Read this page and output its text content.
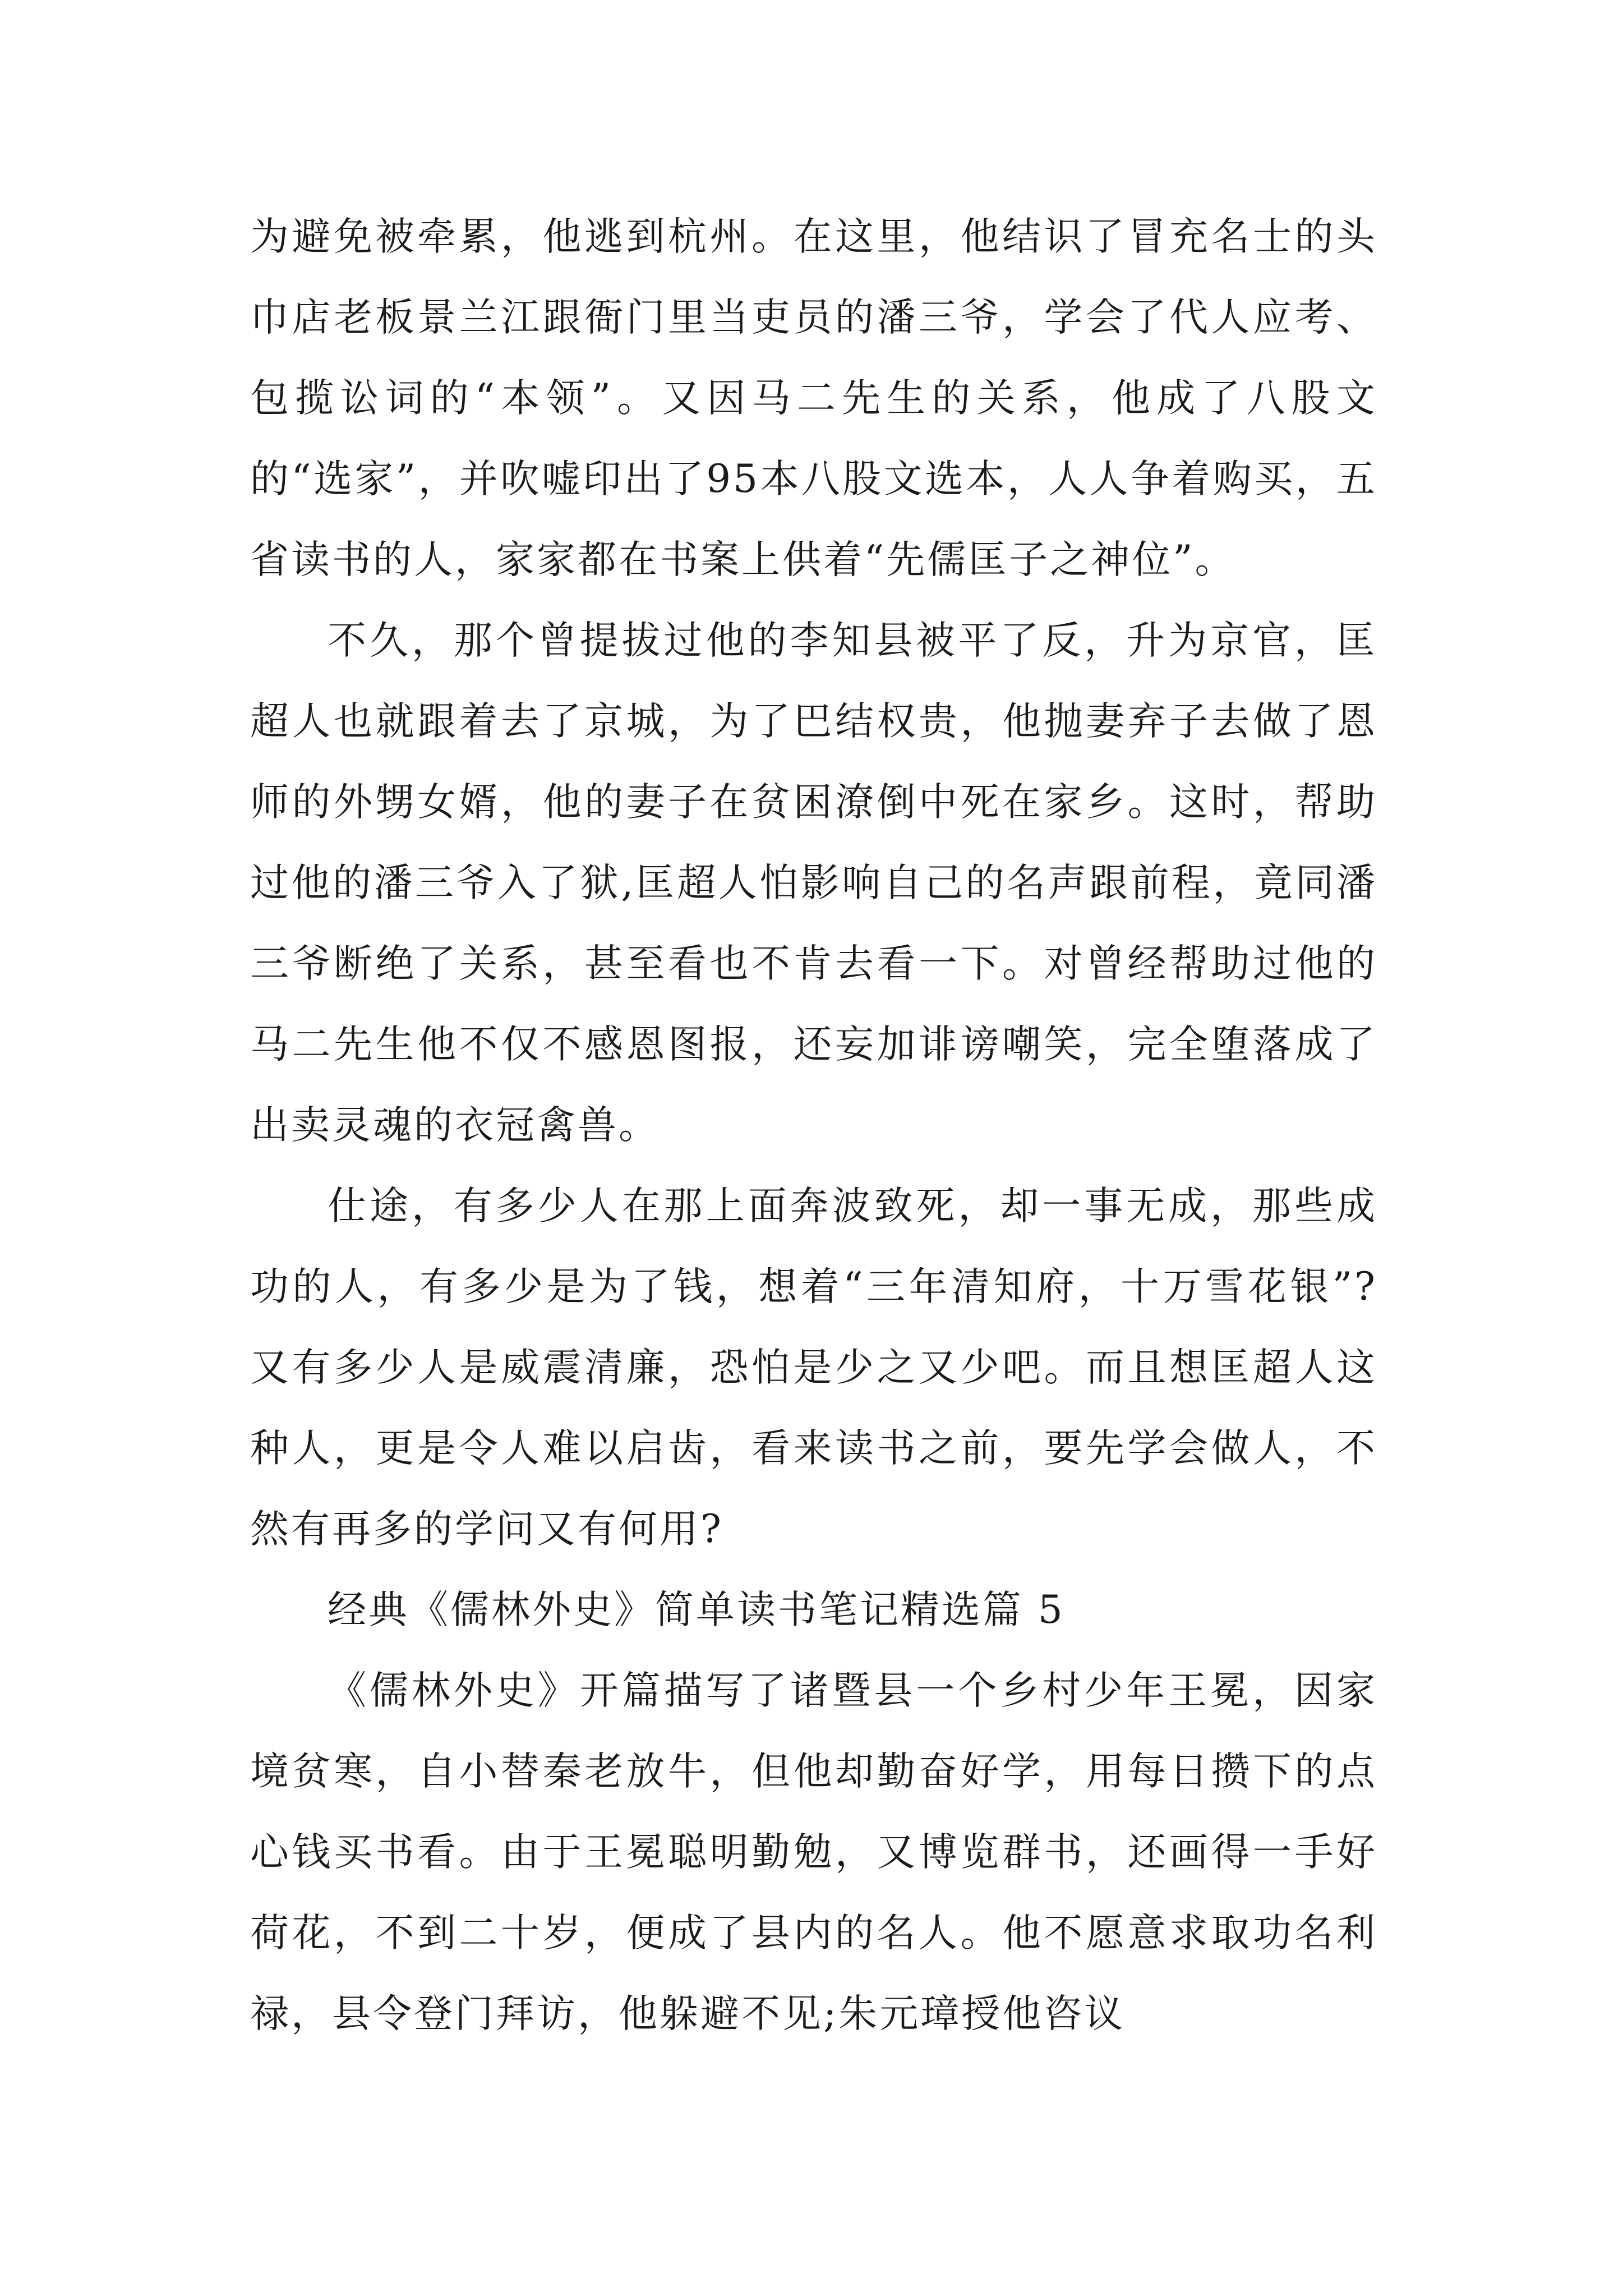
为避免被牵累，他逃到杭州。在这里，他结识了冒充名士的头巾店老板景兰江跟衙门里当吏员的潘三爷，学会了代人应考、包揽讼词的“本领”。又因马二先生的关系，他成了八股文的“选家”，并吹嘘印出了95本八股文选本，人人争着购买，五省读书的人，家家都在书案上供着“先儒匡子之神位”。

不久，那个曾提拔过他的李知县被平了反，升为京官，匡超人也就跟着去了京城，为了巴结权贵，他抛妻弃子去做了恩师的外甥女婿，他的妻子在贫困潦倒中死在家乡。这时，帮助过他的潘三爷入了狱,匡超人怕影响自己的名声跟前程，竟同潘三爷断绝了关系，甚至看也不肯去看一下。对曾经帮助过他的马二先生他不仅不感恩图报，还妄加诽谤嘲笑，完全堕落成了出卖灵魂的衣冠禽兽。

仕途，有多少人在那上面奔波致死，却一事无成，那些成功的人，有多少是为了钱，想着“三年清知府，十万雪花银”?又有多少人是威震清廉，恐怕是少之又少吧。而且想匡超人这种人，更是令人难以启齿，看来读书之前，要先学会做人，不然有再多的学问又有何用?

经典《儒林外史》简单读书笔记精选篇 5

《儒林外史》开篇描写了诸暨县一个乡村少年王冕，因家境贫寒，自小替秦老放牛，但他却勤奋好学，用每日攒下的点心钱买书看。由于王冕聪明勤勉，又博览群书，还画得一手好荷花，不到二十岁，便成了县内的名人。他不愿意求取功名利禄，县令登门拜访，他躲避不见;朱元璋授他咨议
